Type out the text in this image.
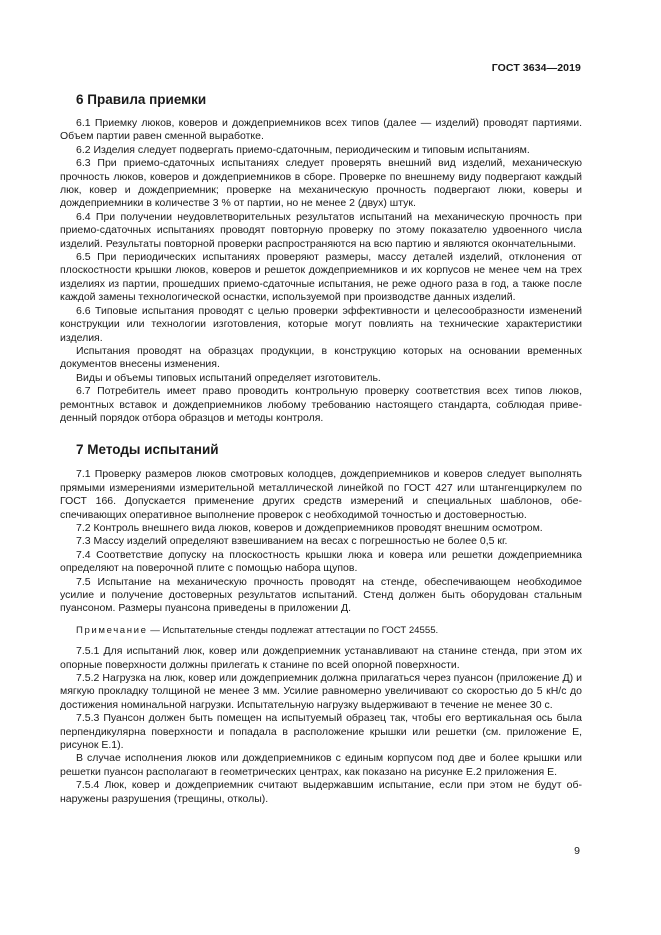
ГОСТ 3634—2019
6 Правила приемки

6.1 Приемку люков, коверов и дождеприемников всех типов (далее — изделий) проводят партиями. Объем партии равен сменной выработке.

6.2 Изделия следует подвергать приемо-сдаточным, периодическим и типовым испытаниям.

6.3 При приемо-сдаточных испытаниях следует проверять внешний вид изделий, механическую прочность люков, коверов и дождеприемников в сборе. Проверке по внешнему виду подвергают каждый люк, ковер и дождеприемник; проверке на механическую прочность подвергают люки, коверы и дождеприемники в количестве 3 % от партии, но не менее 2 (двух) штук.

6.4 При получении неудовлетворительных результатов испытаний на механическую прочность при приемо-сдаточных испытаниях проводят повторную проверку по этому показателю удвоенного числа изделий. Результаты повторной проверки распространяются на всю партию и являются окончательными.

6.5 При периодических испытаниях проверяют размеры, массу деталей изделий, отклонения от плоскостности крышки люков, коверов и решеток дождеприемников и их корпусов не менее чем на трех изделиях из партии, прошедших приемо-сдаточные испытания, не реже одного раза в год, а также после каждой замены технологической оснастки, используемой при производстве данных изделий.

6.6 Типовые испытания проводят с целью проверки эффективности и целесообразности изменений конструкции или технологии изготовления, которые могут повлиять на технические характеристики изделия.

Испытания проводят на образцах продукции, в конструкцию которых на основании временных документов внесены изменения.

Виды и объемы типовых испытаний определяет изготовитель.

6.7 Потребитель имеет право проводить контрольную проверку соответствия всех типов люков, ремонтных вставок и дождеприемников любому требованию настоящего стандарта, соблюдая приведенный порядок отбора образцов и методы контроля.

7 Методы испытаний

7.1 Проверку размеров люков смотровых колодцев, дождеприемников и коверов следует выполнять прямыми измерениями измерительной металлической линейкой по ГОСТ 427 или штангенциркулем по ГОСТ 166. Допускается применение других средств измерений и специальных шаблонов, обеспечивающих оперативное выполнение проверок с необходимой точностью и достоверностью.

7.2 Контроль внешнего вида люков, коверов и дождеприемников проводят внешним осмотром.

7.3 Массу изделий определяют взвешиванием на весах с погрешностью не более 0,5 кг.

7.4 Соответствие допуску на плоскостность крышки люка и ковера или решетки дождеприемника определяют на поверочной плите с помощью набора щупов.

7.5 Испытание на механическую прочность проводят на стенде, обеспечивающем необходимое усилие и получение достоверных результатов испытаний. Стенд должен быть оборудован стальным пуансоном. Размеры пуансона приведены в приложении Д.

Примечание — Испытательные стенды подлежат аттестации по ГОСТ 24555.

7.5.1 Для испытаний люк, ковер или дождеприемник устанавливают на станине стенда, при этом их опорные поверхности должны прилегать к станине по всей опорной поверхности.

7.5.2 Нагрузка на люк, ковер или дождеприемник должна прилагаться через пуансон (приложение Д) и мягкую прокладку толщиной не менее 3 мм. Усилие равномерно увеличивают со скоростью до 5 кН/с до достижения номинальной нагрузки. Испытательную нагрузку выдерживают в течение не менее 30 с.

7.5.3 Пуансон должен быть помещен на испытуемый образец так, чтобы его вертикальная ось была перпендикулярна поверхности и попадала в расположение крышки или решетки (см. приложение Е, рисунок Е.1).

В случае исполнения люков или дождеприемников с единым корпусом под две и более крышки или решетки пуансон располагают в геометрических центрах, как показано на рисунке Е.2 приложения Е.

7.5.4 Люк, ковер и дождеприемник считают выдержавшим испытание, если при этом не будут обнаружены разрушения (трещины, отколы).

9
